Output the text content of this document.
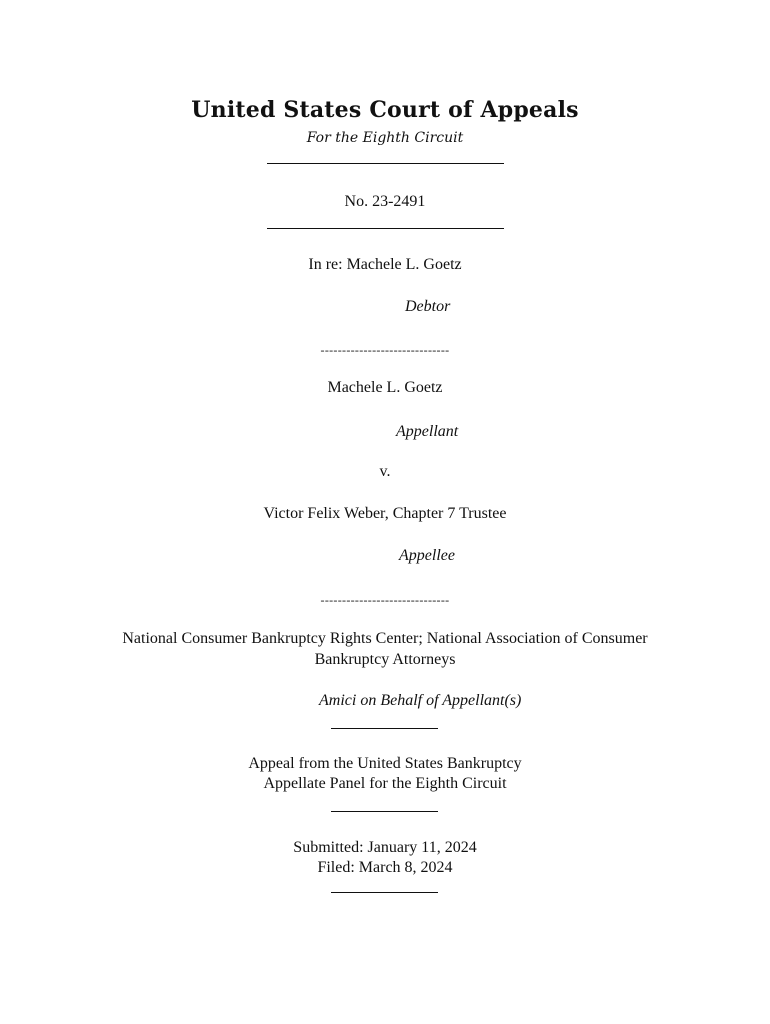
United States Court of Appeals
For the Eighth Circuit
No. 23-2491
In re: Machele L. Goetz
Debtor
------------------------------
Machele L. Goetz
Appellant
v.
Victor Felix Weber, Chapter 7 Trustee
Appellee
------------------------------
National Consumer Bankruptcy Rights Center; National Association of Consumer
Bankruptcy Attorneys
Amici on Behalf of Appellant(s)
Appeal from the United States Bankruptcy
Appellate Panel for the Eighth Circuit
Submitted: January 11, 2024
Filed: March 8, 2024
